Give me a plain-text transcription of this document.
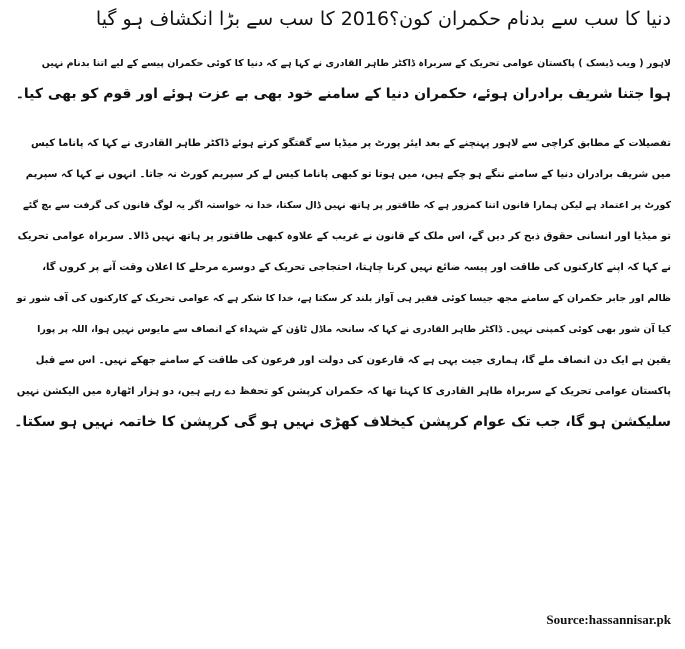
دنیا کا سب سے بدنام حکمران کون؟2016 کا سب سے بڑا انکشاف ہو گیا
لاہور ( ویب ڈیسک ) پاکستان عوامی تحریک کے سربراہ ڈاکٹر طاہر القادری نے کہا ہے کہ دنیا کا کوئی حکمران پیسے کے لیے اتنا بدنام نہیں
ہوا جتنا شریف برادران ہوئے، حکمران دنیا کے سامنے خود بھی بے عزت ہوئے اور قوم کو بھی کیا۔
تفصیلات کے مطابق کراچی سے لاہور پہنچنے کے بعد ایئر پورٹ پر میڈیا سے گفتگو کرتے ہوئے ڈاکٹر طاہر القادری نے کہا کہ پاناما کیس
میں شریف برادران دنیا کے سامنے ننگے ہو چکے ہیں، میں ہوتا تو کبھی پاناما کیس لے کر سپریم کورٹ نہ جاتا۔ انہوں نے کہا کہ سپریم
کورٹ پر اعتماد ہے لیکن ہمارا قانون اتنا کمزور ہے کہ طاقتور پر ہاتھ نہیں ڈال سکتا، خدا نہ خواستہ اگر یہ لوگ قانون کی گرفت سے بچ گئے
تو میڈیا اور انسانی حقوق ذبح کر دیں گے، اس ملک کے قانون نے غریب کے علاوہ کبھی طاقتور پر ہاتھ نہیں ڈالا۔ سربراہ عوامی تحریک
نے کہا کہ اپنے کارکنوں کی طاقت اور پیسہ ضائع نہیں کرنا چاہتا، احتجاجی تحریک کے دوسرے مرحلے کا اعلان وقت آنے پر کروں گا،
ظالم اور جابر حکمران کے سامنے مجھ جیسا کوئی فقیر ہی آواز بلند کر سکتا ہے، خدا کا شکر ہے کہ عوامی تحریک کے کارکنوں کی آف شور تو
کیا آن شور بھی کوئی کمپنی نہیں۔ ڈاکٹر طاہر القادری نے کہا کہ سانحہ ماڈل ٹاؤن کے شہداء کے انصاف سے مایوس نہیں ہوا، اللہ پر پورا
یقین ہے ایک دن انصاف ملے گا، ہماری جیت یہی ہے کہ قارعون کی دولت اور فرعون کی طاقت کے سامنے جھکے نہیں۔ اس سے قبل
پاکستان عوامی تحریک کے سربراہ طاہر القادری کا کہنا تھا کہ حکمران کرپشن کو تحفظ دے رہے ہیں، دو ہزار اٹھارہ میں الیکشن نہیں
سلیکشن ہو گا، جب تک عوام کرپشن کیخلاف کھڑی نہیں ہو گی کرپشن کا خاتمہ نہیں ہو سکتا۔
Source:hassannisar.pk
